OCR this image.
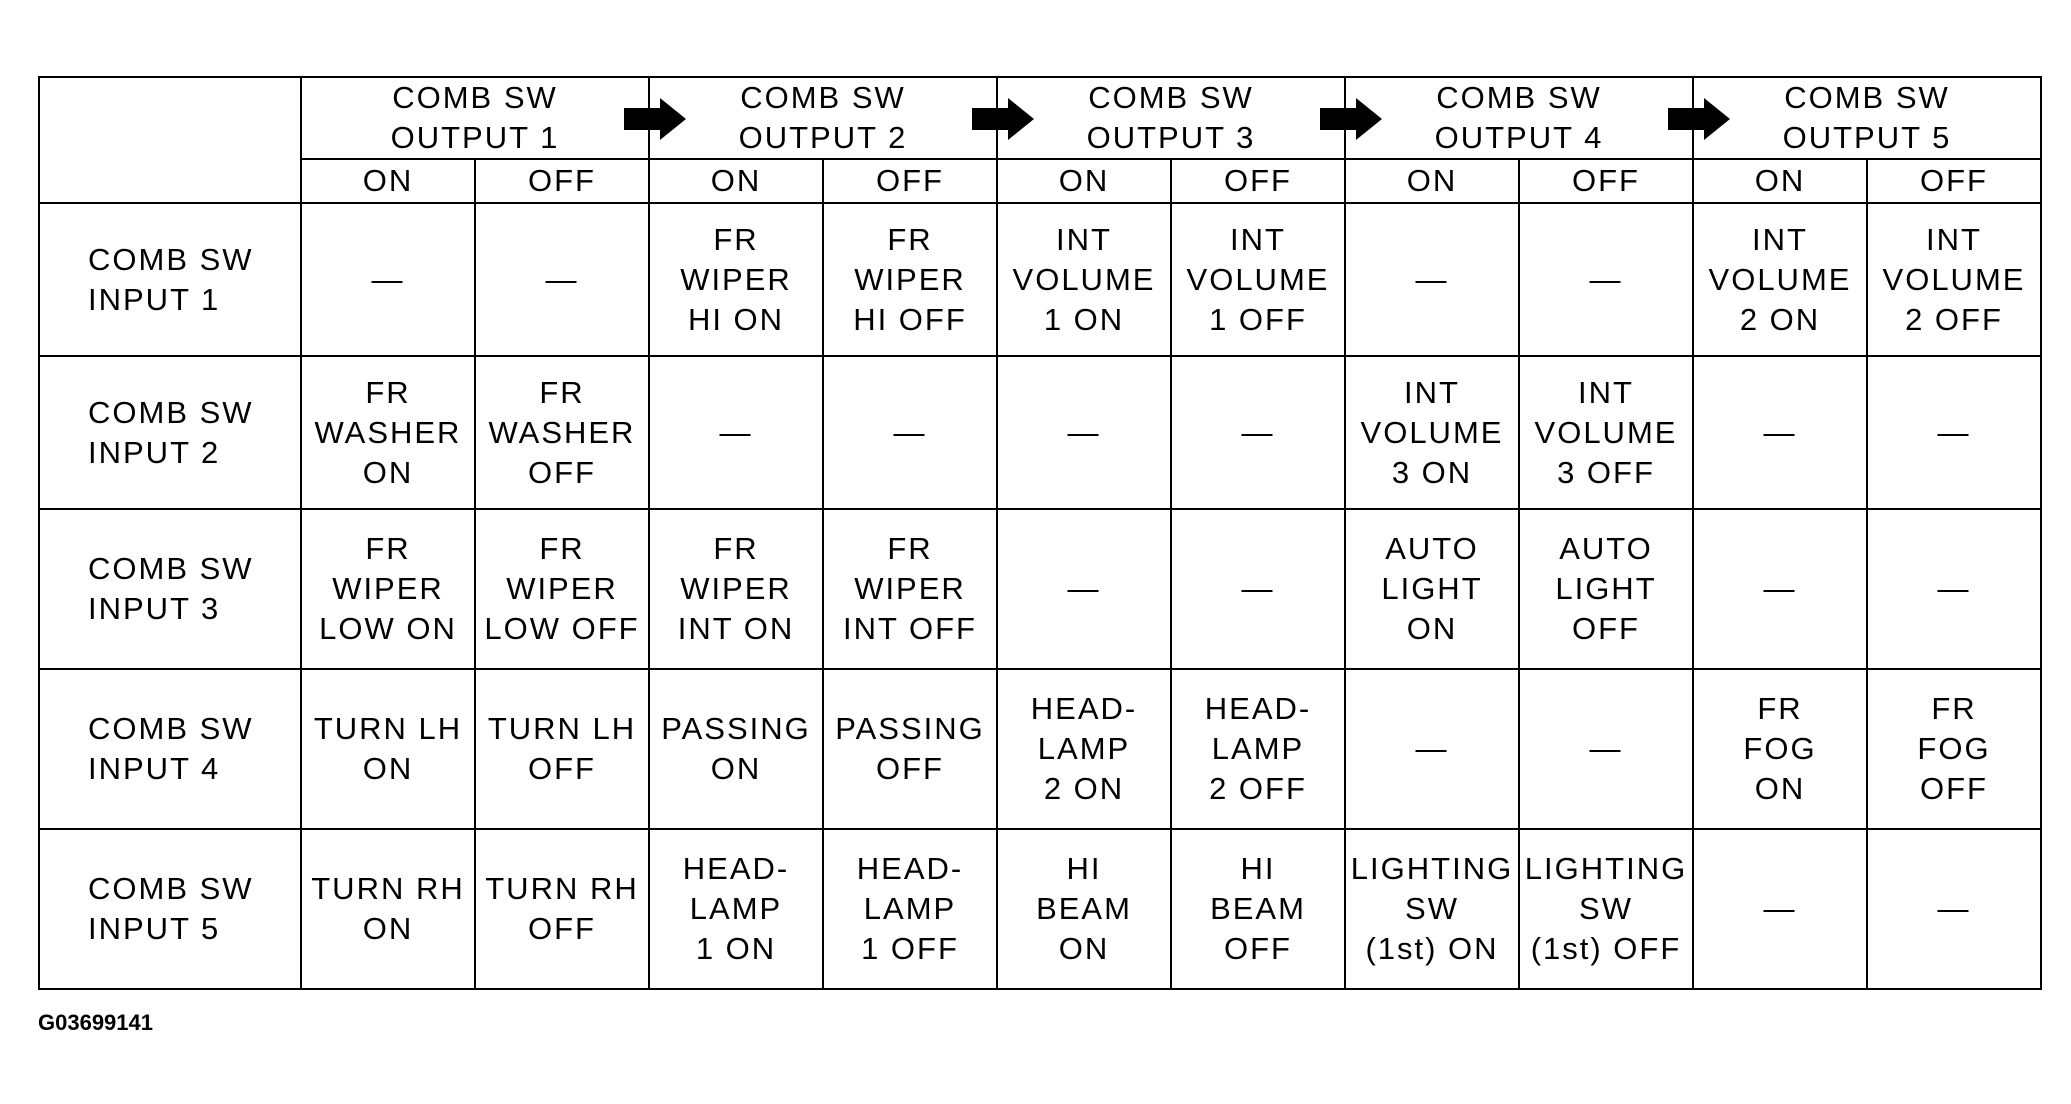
	COMB SW
OUTPUT 1		COMB SW
OUTPUT 2		COMB SW
OUTPUT 3		COMB SW
OUTPUT 4		COMB SW
OUTPUT 5	

	ON	OFF	ON	OFF	ON	OFF	ON	OFF	ON	OFF

COMB SW
INPUT 1	—	—	FR
WIPER
HI ON	FR
WIPER
HI OFF	INT
VOLUME
1 ON	INT
VOLUME
1 OFF	—	—	INT
VOLUME
2 ON	INT
VOLUME
2 OFF

COMB SW
INPUT 2	FR
WASHER
ON	FR
WASHER
OFF	—	—	—	—	INT
VOLUME
3 ON	INT
VOLUME
3 OFF	—	—

COMB SW
INPUT 3	FR
WIPER
LOW ON	FR
WIPER
LOW OFF	FR
WIPER
INT ON	FR
WIPER
INT OFF	—	—	AUTO
LIGHT
ON	AUTO
LIGHT
OFF	—	—

COMB SW
INPUT 4	TURN LH
ON	TURN LH
OFF	PASSING
ON	PASSING
OFF	HEAD-
LAMP
2 ON	HEAD-
LAMP
2 OFF	—	—	FR
FOG
ON	FR
FOG
OFF

COMB SW
INPUT 5	TURN RH
ON	TURN RH
OFF	HEAD-
LAMP
1 ON	HEAD-
LAMP
1 OFF	HI
BEAM
ON	HI
BEAM
OFF	LIGHTING
SW
(1st) ON	LIGHTING
SW
(1st) OFF	—	—
G03699141
